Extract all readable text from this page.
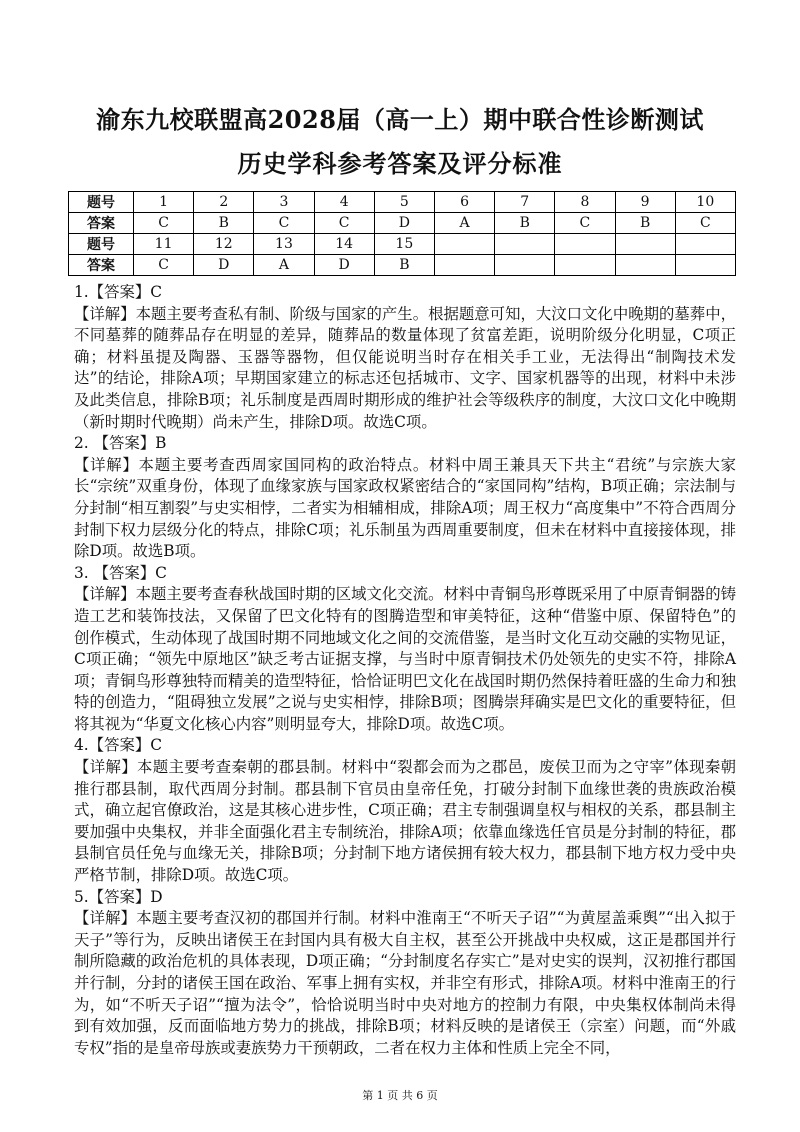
渝东九校联盟高2028届（高一上）期中联合性诊断测试
历史学科参考答案及评分标准
题号	1	2	3	4	5	6	7	8	9	10
答案	C	B	C	C	D	A	B	C	B	C
题号	11	12	13	14	15					
答案	C	D	A	D	B					

1.【答案】C

【详解】本题主要考查私有制、阶级与国家的产生。根据题意可知，大汶口文化中晚期的墓葬中，不同墓葬的随葬品存在明显的差异，随葬品的数量体现了贫富差距，说明阶级分化明显，C项正确；材料虽提及陶器、玉器等器物，但仅能说明当时存在相关手工业，无法得出“制陶技术发达”的结论，排除A项；早期国家建立的标志还包括城市、文字、国家机器等的出现，材料中未涉及此类信息，排除B项；礼乐制度是西周时期形成的维护社会等级秩序的制度，大汶口文化中晚期（新时期时代晚期）尚未产生，排除D项。故选C项。

2. 【答案】B

【详解】本题主要考查西周家国同构的政治特点。材料中周王兼具天下共主“君统”与宗族大家长“宗统”双重身份，体现了血缘家族与国家政权紧密结合的“家国同构”结构，B项正确；宗法制与分封制“相互割裂”与史实相悖，二者实为相辅相成，排除A项；周王权力“高度集中”不符合西周分封制下权力层级分化的特点，排除C项；礼乐制虽为西周重要制度，但未在材料中直接接体现，排除D项。故选B项。

3. 【答案】C

【详解】本题主要考查春秋战国时期的区域文化交流。材料中青铜鸟形尊既采用了中原青铜器的铸造工艺和装饰技法，又保留了巴文化特有的图腾造型和审美特征，这种“借鉴中原、保留特色”的创作模式，生动体现了战国时期不同地域文化之间的交流借鉴，是当时文化互动交融的实物见证，C项正确；“领先中原地区”缺乏考古证据支撑，与当时中原青铜技术仍处领先的史实不符，排除A项；青铜鸟形尊独特而精美的造型特征，恰恰证明巴文化在战国时期仍然保持着旺盛的生命力和独特的创造力，“阻碍独立发展”之说与史实相悖，排除B项；图腾崇拜确实是巴文化的重要特征，但将其视为“华夏文化核心内容”则明显夸大，排除D项。故选C项。

4.【答案】C

【详解】本题主要考查秦朝的郡县制。材料中“裂都会而为之郡邑，废侯卫而为之守宰”体现秦朝推行郡县制，取代西周分封制。郡县制下官员由皇帝任免，打破分封制下血缘世袭的贵族政治模式，确立起官僚政治，这是其核心进步性，C项正确；君主专制强调皇权与相权的关系，郡县制主要加强中央集权，并非全面强化君主专制统治，排除A项；依靠血缘选任官员是分封制的特征，郡县制官员任免与血缘无关，排除B项；分封制下地方诸侯拥有较大权力，郡县制下地方权力受中央严格节制，排除D项。故选C项。

5.【答案】D

【详解】本题主要考查汉初的郡国并行制。材料中淮南王“不听天子诏”“为黄屋盖乘舆”“出入拟于天子”等行为，反映出诸侯王在封国内具有极大自主权，甚至公开挑战中央权威，这正是郡国并行制所隐藏的政治危机的具体表现，D项正确；“分封制度名存实亡”是对史实的误判，汉初推行郡国并行制，分封的诸侯王国在政治、军事上拥有实权，并非空有形式，排除A项。材料中淮南王的行为，如“不听天子诏”“擅为法令”，恰恰说明当时中央对地方的控制力有限，中央集权体制尚未得到有效加强，反而面临地方势力的挑战，排除B项；材料反映的是诸侯王（宗室）问题，而“外戚专权”指的是皇帝母族或妻族势力干预朝政，二者在权力主体和性质上完全不同，

第 1 页 共 6 页
